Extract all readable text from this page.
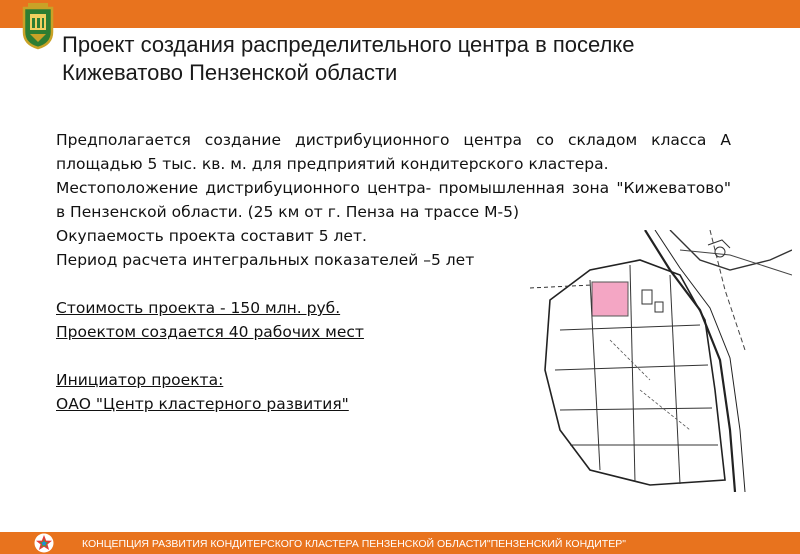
Проект создания распределительного центра в поселке
Кижеватово Пензенской области

Предполагается создание дистрибуционного центра со складом класса А площадью 5 тыс. кв. м. для предприятий кондитерского кластера.

Местоположение дистрибуционного центра- промышленная зона "Кижеватово" в Пензенской области. (25 км от г. Пенза на трассе М-5)

Окупаемость проекта составит 5 лет.

Период расчета интегральных показателей –5 лет

Стоимость проекта - 150 млн. руб.

Проектом создается 40 рабочих мест

Инициатор проекта:

ОАО "Центр кластерного развития"

КОНЦЕПЦИЯ РАЗВИТИЯ КОНДИТЕРСКОГО КЛАСТЕРА ПЕНЗЕНСКОЙ ОБЛАСТИ"ПЕНЗЕНСКИЙ КОНДИТЕР"
